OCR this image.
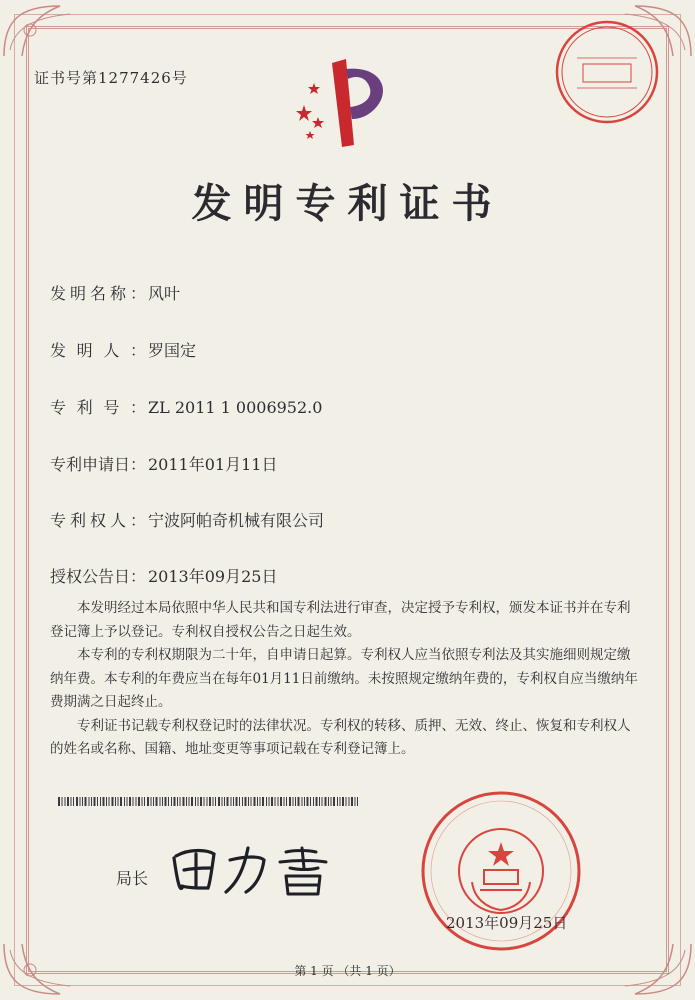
证书号第1277426号
发明专利证书
发明名称： 风叶
发明人： 罗国定
专利号： ZL 2011 1 0006952.0
专利申请日： 2011年01月11日
专利权人： 宁波阿帕奇机械有限公司
授权公告日： 2013年09月25日

本发明经过本局依照中华人民共和国专利法进行审查，决定授予专利权，颁发本证书并在专利登记簿上予以登记。专利权自授权公告之日起生效。

本专利的专利权期限为二十年，自申请日起算。专利权人应当依照专利法及其实施细则规定缴纳年费。本专利的年费应当在每年01月11日前缴纳。未按照规定缴纳年费的，专利权自应当缴纳年费期满之日起终止。

专利证书记载专利权登记时的法律状况。专利权的转移、质押、无效、终止、恢复和专利权人的姓名或名称、国籍、地址变更等事项记载在专利登记簿上。

局长
2013年09月25日
第 1 页 （共 1 页）
